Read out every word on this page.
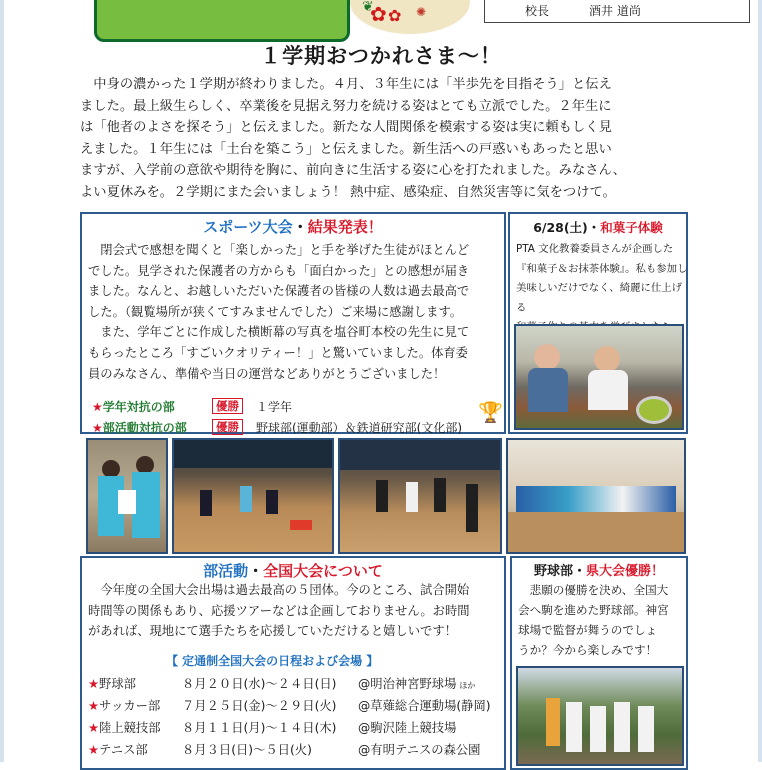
❦
✿ ✿ ✺	校長	酒井 道尚
１学期おつかれさま～！
中身の濃かった１学期が終わりました。４月、３年生には「半歩先を目指そう」と伝え
ました。最上級生らしく、卒業後を見据え努力を続ける姿はとても立派でした。２年生に
は「他者のよさを探そう」と伝えました。新たな人間関係を模索する姿は実に頼もしく見
えました。１年生には「土台を築こう」と伝えました。新生活への戸惑いもあったと思い
ますが、入学前の意欲や期待を胸に、前向きに生活する姿に心を打たれました。みなさん、
よい夏休みを。２学期にまた会いましょう！ 熱中症、感染症、自然災害等に気をつけて。
スポーツ大会・結果発表！
閉会式で感想を聞くと「楽しかった」と手を挙げた生徒がほとんど
でした。見学された保護者の方からも「面白かった」との感想が届き
ました。なんと、お越しいただいた保護者の皆様の人数は過去最高で
した。（観覧場所が狭くてすみませんでした）ご来場に感謝します。
また、学年ごとに作成した横断幕の写真を塩谷町本校の先生に見て
もらったところ「すごいクオリティー！」と驚いていました。体育委
員のみなさん、準備や当日の運営などありがとうございました！
★学年対抗の部	優勝	１学年
★部活動対抗の部	優勝	野球部(運動部）＆鉄道研究部(文化部)
🏆
6/28(土)・和菓子体験
PTA 文化教養委員さんが企画した
『和菓子＆お抹茶体験』。私も参加し
美味しいだけでなく、綺麗に仕上げる
部活動・全国大会について
今年度の全国大会出場は過去最高の５団体。今のところ、試合開始
時間等の関係もあり、応援ツアーなどは企画しておりません。お時間
があれば、現地にて選手たちを応援していただけると嬉しいです！
【 定通制全国大会の日程および会場 】
★野球部	８月２０日(水)～２４日(日) @明治神宮野球場 ほか
★サッカー部 ７月２５日(金)～２９日(火) @草薙総合運動場(静岡)
★陸上競技部 ８月１１日(月)～１４日(木) @駒沢陸上競技場
★テニス部	８月３日(日)～５日(火)	@有明テニスの森公園
野球部・県大会優勝！
悲願の優勝を決め、全国大
会へ駒を進めた野球部。神宮
球場で監督が舞うのでしょ
うか？今から楽しみです！
